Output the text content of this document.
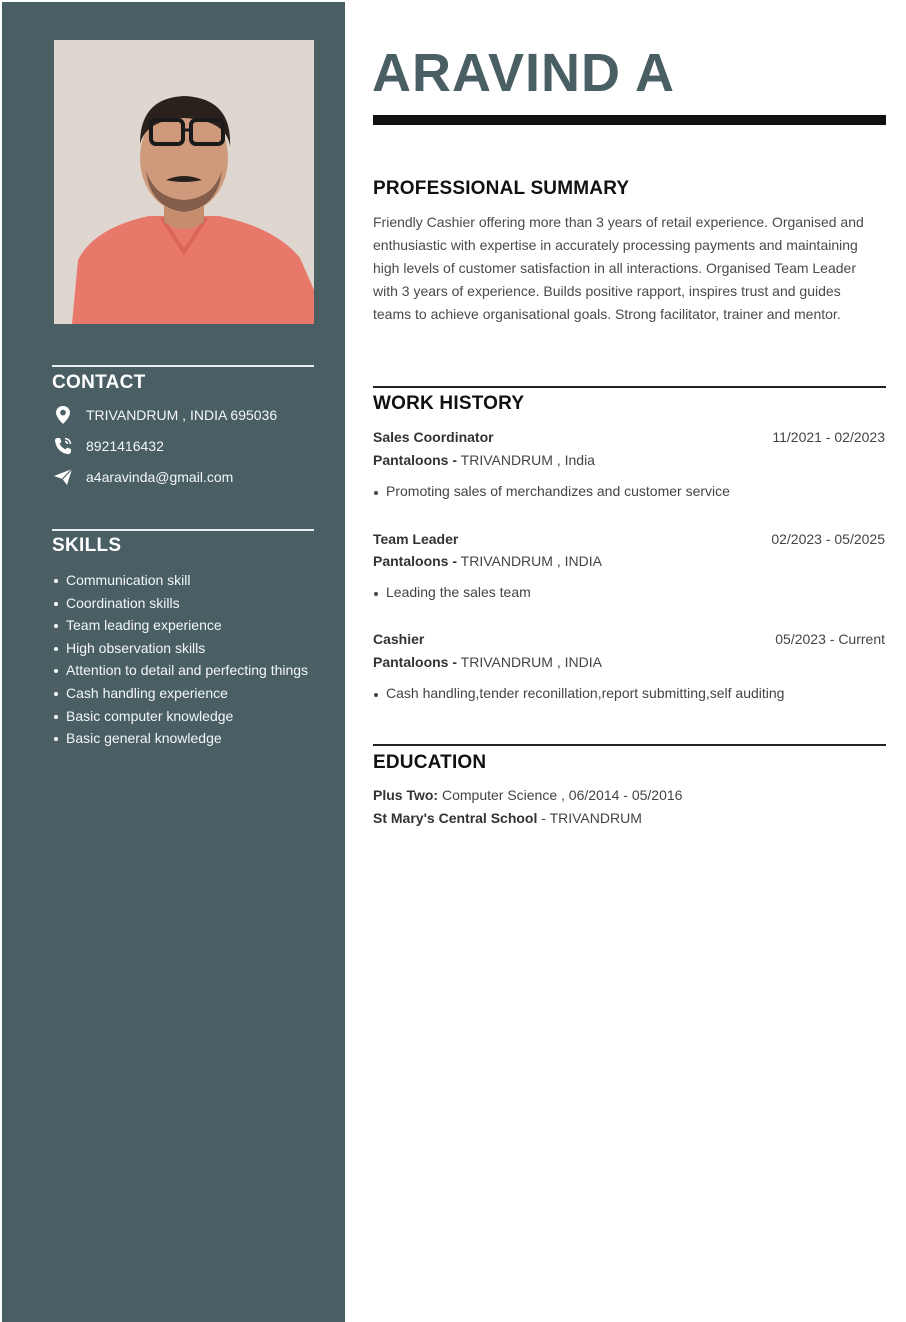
CONTACT
TRIVANDRUM , INDIA 695036
8921416432
a4aravinda@gmail.com
SKILLS
Communication skill
Coordination skills
Team leading experience
High observation skills
Attention to detail and perfecting things
Cash handling experience
Basic computer knowledge
Basic general knowledge
ARAVIND A
PROFESSIONAL SUMMARY
Friendly Cashier offering more than 3 years of retail experience. Organised and enthusiastic with expertise in accurately processing payments and maintaining high levels of customer satisfaction in all interactions. Organised Team Leader with 3 years of experience. Builds positive rapport, inspires trust and guides teams to achieve organisational goals. Strong facilitator, trainer and mentor.
WORK HISTORY
Sales Coordinator	11/2021 - 02/2023
Pantaloons - TRIVANDRUM , India
Promoting sales of merchandizes and customer service
Team Leader	02/2023 - 05/2025
Pantaloons - TRIVANDRUM , INDIA
Leading the sales team
Cashier	05/2023 - Current
Pantaloons - TRIVANDRUM , INDIA
Cash handling,tender reconillation,report submitting,self auditing
EDUCATION
Plus Two: Computer Science , 06/2014 - 05/2016
St Mary's Central School - TRIVANDRUM
